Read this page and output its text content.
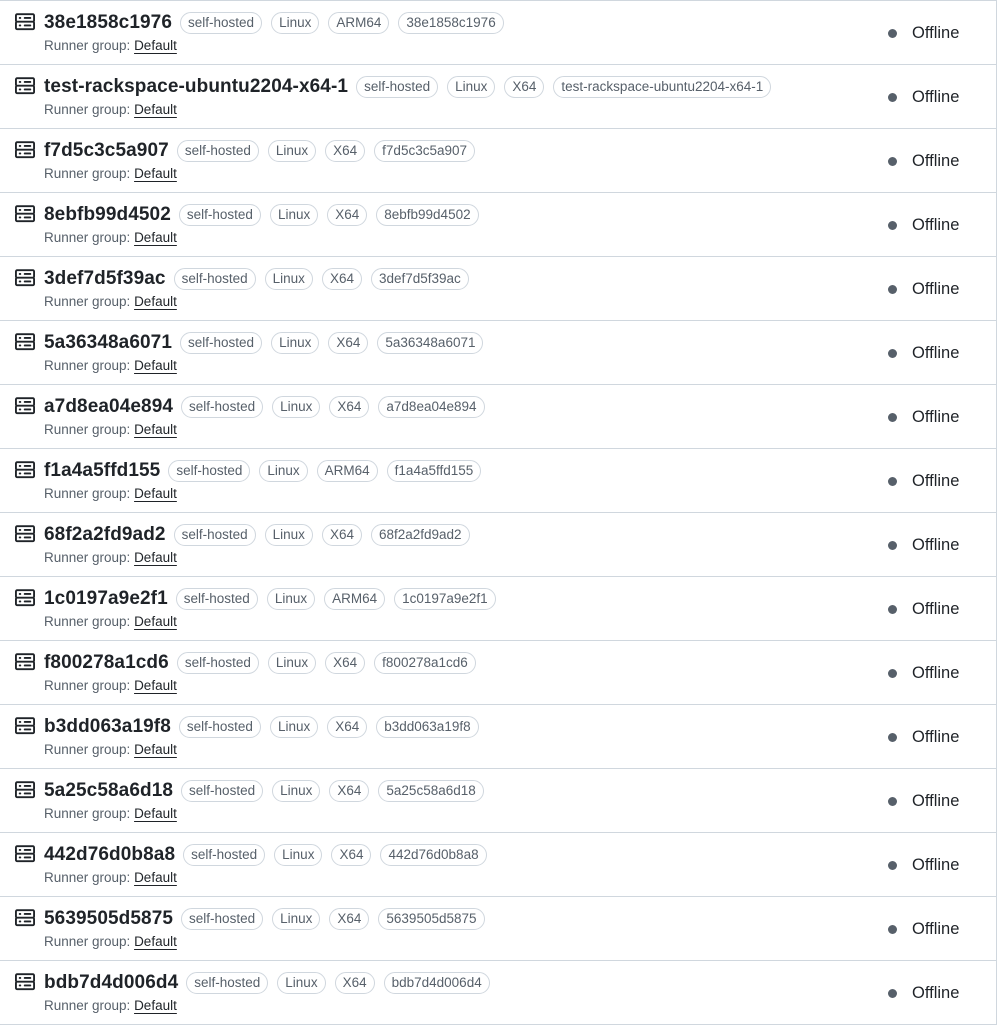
38e1858c1976	self-hosted	Linux	ARM64	38e1858c1976
Runner group: Default
Offline
test-rackspace-ubuntu2204-x64-1	self-hosted	Linux	X64	test-rackspace-ubuntu2204-x64-1
Runner group: Default
Offline
f7d5c3c5a907	self-hosted	Linux	X64	f7d5c3c5a907
Runner group: Default
Offline
8ebfb99d4502	self-hosted	Linux	X64	8ebfb99d4502
Runner group: Default
Offline
3def7d5f39ac	self-hosted	Linux	X64	3def7d5f39ac
Runner group: Default
Offline
5a36348a6071	self-hosted	Linux	X64	5a36348a6071
Runner group: Default
Offline
a7d8ea04e894	self-hosted	Linux	X64	a7d8ea04e894
Runner group: Default
Offline
f1a4a5ffd155	self-hosted	Linux	ARM64	f1a4a5ffd155
Runner group: Default
Offline
68f2a2fd9ad2	self-hosted	Linux	X64	68f2a2fd9ad2
Runner group: Default
Offline
1c0197a9e2f1	self-hosted	Linux	ARM64	1c0197a9e2f1
Runner group: Default
Offline
f800278a1cd6	self-hosted	Linux	X64	f800278a1cd6
Runner group: Default
Offline
b3dd063a19f8	self-hosted	Linux	X64	b3dd063a19f8
Runner group: Default
Offline
5a25c58a6d18	self-hosted	Linux	X64	5a25c58a6d18
Runner group: Default
Offline
442d76d0b8a8	self-hosted	Linux	X64	442d76d0b8a8
Runner group: Default
Offline
5639505d5875	self-hosted	Linux	X64	5639505d5875
Runner group: Default
Offline
bdb7d4d006d4	self-hosted	Linux	X64	bdb7d4d006d4
Runner group: Default
Offline
